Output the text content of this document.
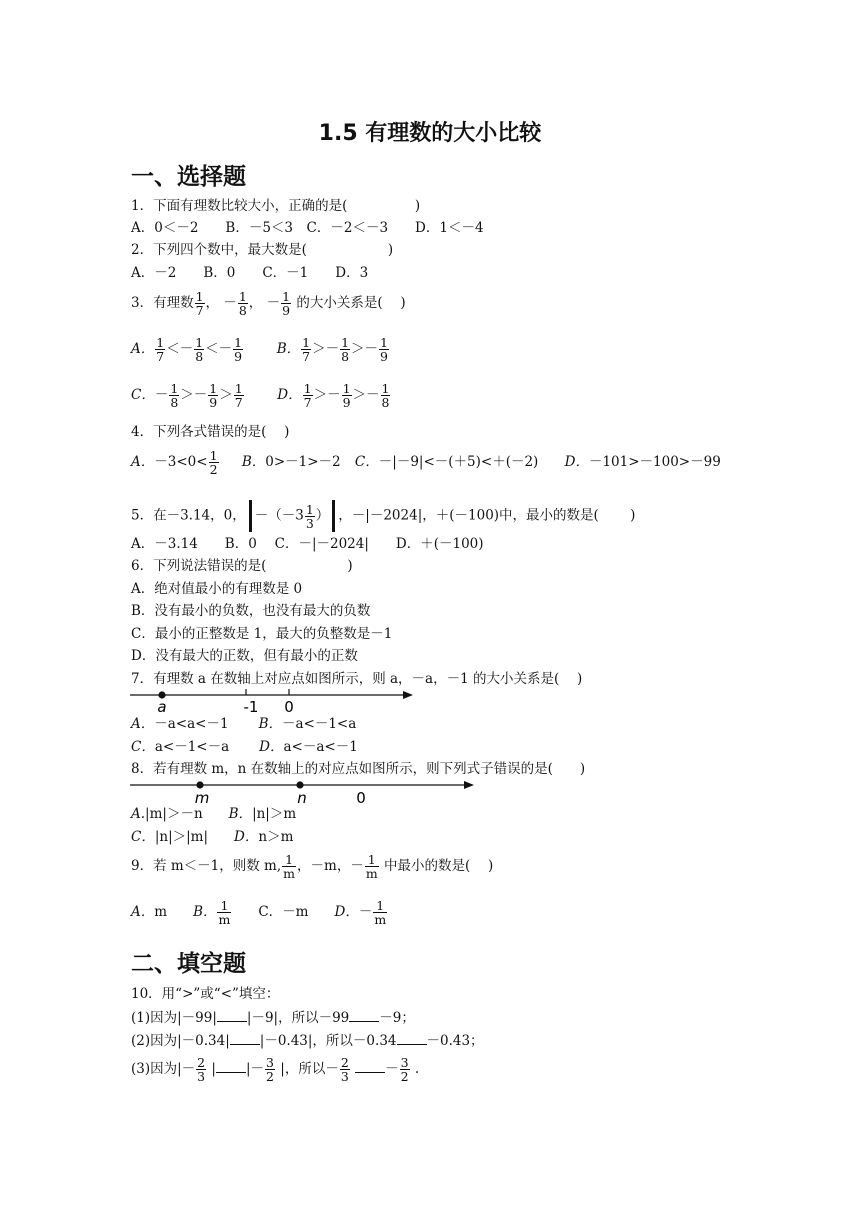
1.5 有理数的大小比较
一、选择题
1．下面有理数比较大小，正确的是(　　　　　)
A．0＜－2　　B．－5＜3　C．－2＜－3　　D．1＜－4
2．下列四个数中，最大数是(　　　　　　)
A．－2　　B．0　　C．－1　　D．3
3．有理数 $\frac{1}{7}$ ， － $\frac{1}{8}$ ， － $\frac{1}{9}$ 的大小关系是(　 )
A． $\frac{1}{7} <- \frac{1}{8} <- \frac{1}{9}$ B． $\frac{1}{7} >- \frac{1}{8} >- \frac{1}{9}$
C．－ $\frac{1}{8} >- \frac{1}{9} > \frac{1}{7}$ D． $\frac{1}{7} >- \frac{1}{9} >- \frac{1}{8}$
4．下列各式错误的是(　 )
A．$-3<0< \frac{1}{2}$ B．0>－1>－2 C．－|－9|<－(＋5)<＋(－2) D．－101>－100>－99
5．在－3.14，0， $-(-3 \frac{1}{3}$ ） ，－|－2024|，＋(－100)中，最小的数是(　　 )
A．－3.14　　B．0　 C．－|－2024|　　D．＋(－100)
6．下列说法错误的是(　　　　　　)
A．绝对值最小的有理数是 0
B．没有最小的负数，也没有最大的负数
C．最小的正整数是 1，最大的负整数是－1
D．没有最大的正数，但有最小的正数
7．有理数 a 在数轴上对应点如图所示，则 a，－a，－1 的大小关系是(　 )
a	-1 0
A．－a<a<－1 B．－a<－1<a
C．a<－1<－a D．a<－a<－1
8．若有理数 m，n 在数轴上的对应点如图所示，则下列式子错误的是(　　)
m	n	0
A.|m|＞－n B．|n|＞m
C．|n|＞|m| D．n＞m
9．若 m＜－1，则数 m, $\frac{1}{m}$ ，－m，－ $\frac{1}{m}$ 中最小的数是(　 )
A．m B． $\frac{1}{m}$ C．－m D．－ $\frac{1}{m}$
二、填空题
10．用“>”或“<”填空：
(1)因为|－99| |－9|，所以－99 －9；
(2)因为|－0.34| |－0.43|，所以－0.34 －0.43；
(3)因为|－ $\frac{2}{3}$ | |－ $\frac{3}{2}$ |，所以－ $\frac{2}{3}$	－ $\frac{3}{2}$ .
